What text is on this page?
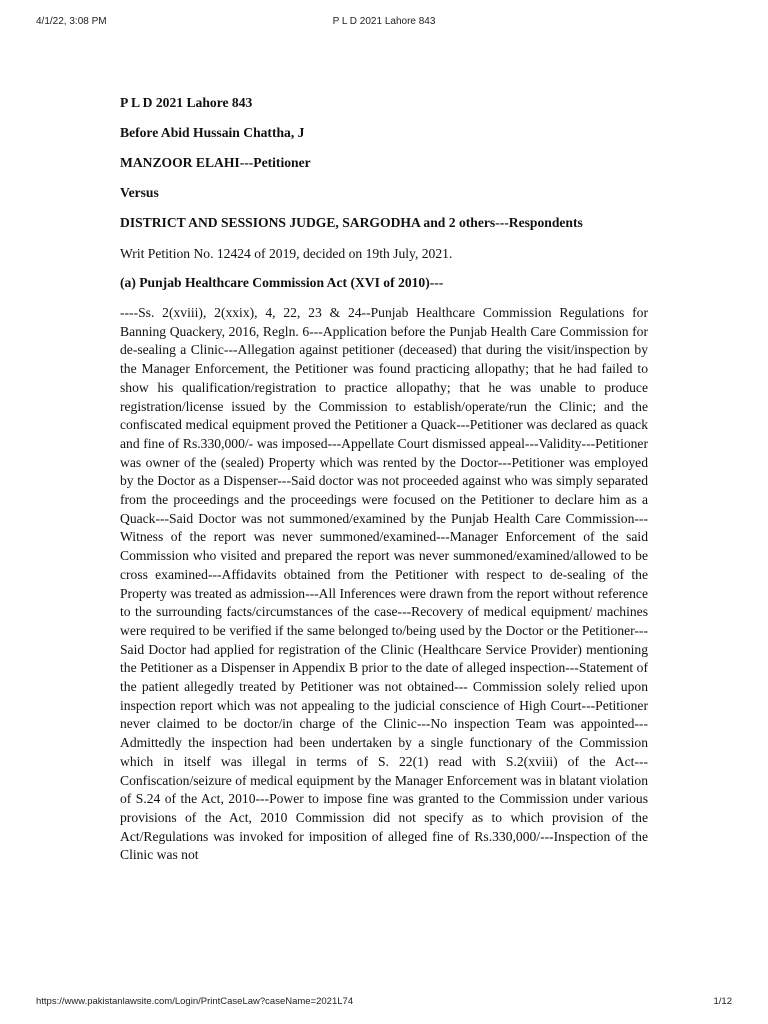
4/1/22, 3:08 PM	P L D 2021 Lahore 843

P L D 2021 Lahore 843

Before Abid Hussain Chattha, J

MANZOOR ELAHI---Petitioner

Versus

DISTRICT AND SESSIONS JUDGE, SARGODHA and 2 others---Respondents

Writ Petition No. 12424 of 2019, decided on 19th July, 2021.

(a) Punjab Healthcare Commission Act (XVI of 2010)---

----Ss. 2(xviii), 2(xxix), 4, 22, 23 & 24--Punjab Healthcare Commission Regulations for Banning Quackery, 2016, Regln. 6---Application before the Punjab Health Care Commission for de-sealing a Clinic---Allegation against petitioner (deceased) that during the visit/inspection by the Manager Enforcement, the Petitioner was found practicing allopathy; that he had failed to show his qualification/registration to practice allopathy; that he was unable to produce registration/license issued by the Commission to establish/operate/run the Clinic; and the confiscated medical equipment proved the Petitioner a Quack---Petitioner was declared as quack and fine of Rs.330,000/- was imposed---Appellate Court dismissed appeal---Validity---Petitioner was owner of the (sealed) Property which was rented by the Doctor---Petitioner was employed by the Doctor as a Dispenser---Said doctor was not proceeded against who was simply separated from the proceedings and the proceedings were focused on the Petitioner to declare him as a Quack---Said Doctor was not summoned/examined by the Punjab Health Care Commission---Witness of the report was never summoned/examined---Manager Enforcement of the said Commission who visited and prepared the report was never summoned/examined/allowed to be cross examined---Affidavits obtained from the Petitioner with respect to de-sealing of the Property was treated as admission---All Inferences were drawn from the report without reference to the surrounding facts/circumstances of the case---Recovery of medical equipment/ machines were required to be verified if the same belonged to/being used by the Doctor or the Petitioner---Said Doctor had applied for registration of the Clinic (Healthcare Service Provider) mentioning the Petitioner as a Dispenser in Appendix B prior to the date of alleged inspection---Statement of the patient allegedly treated by Petitioner was not obtained--- Commission solely relied upon inspection report which was not appealing to the judicial conscience of High Court---Petitioner never claimed to be doctor/in charge of the Clinic---No inspection Team was appointed---Admittedly the inspection had been undertaken by a single functionary of the Commission which in itself was illegal in terms of S. 22(1) read with S.2(xviii) of the Act---Confiscation/seizure of medical equipment by the Manager Enforcement was in blatant violation of S.24 of the Act, 2010---Power to impose fine was granted to the Commission under various provisions of the Act, 2010 Commission did not specify as to which provision of the Act/Regulations was invoked for imposition of alleged fine of Rs.330,000/---Inspection of the Clinic was not

https://www.pakistanlawsite.com/Login/PrintCaseLaw?caseName=2021L74	1/12
